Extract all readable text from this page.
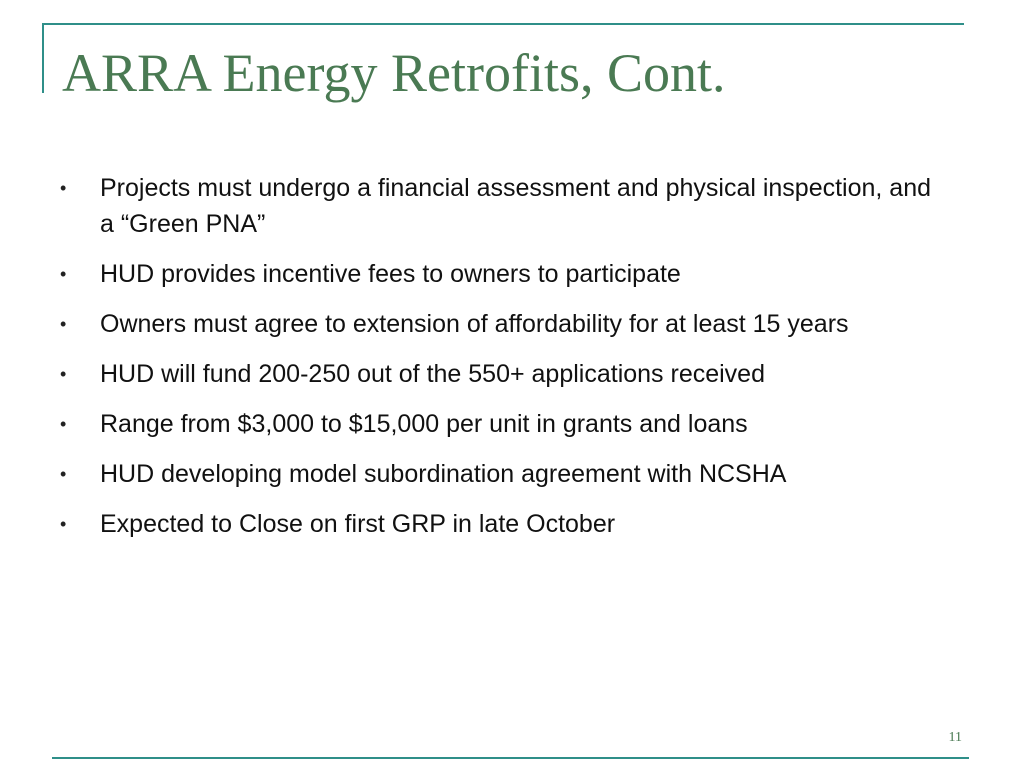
ARRA Energy Retrofits, Cont.
• Projects must undergo a financial assessment and physical inspection, and a “Green PNA”
• HUD provides incentive fees to owners to participate
• Owners must agree to extension of affordability for at least 15 years
• HUD will fund 200-250 out of the 550+ applications received
• Range from $3,000 to $15,000 per unit in grants and loans
• HUD developing model subordination agreement with NCSHA
• Expected to Close on first GRP in late October
11
